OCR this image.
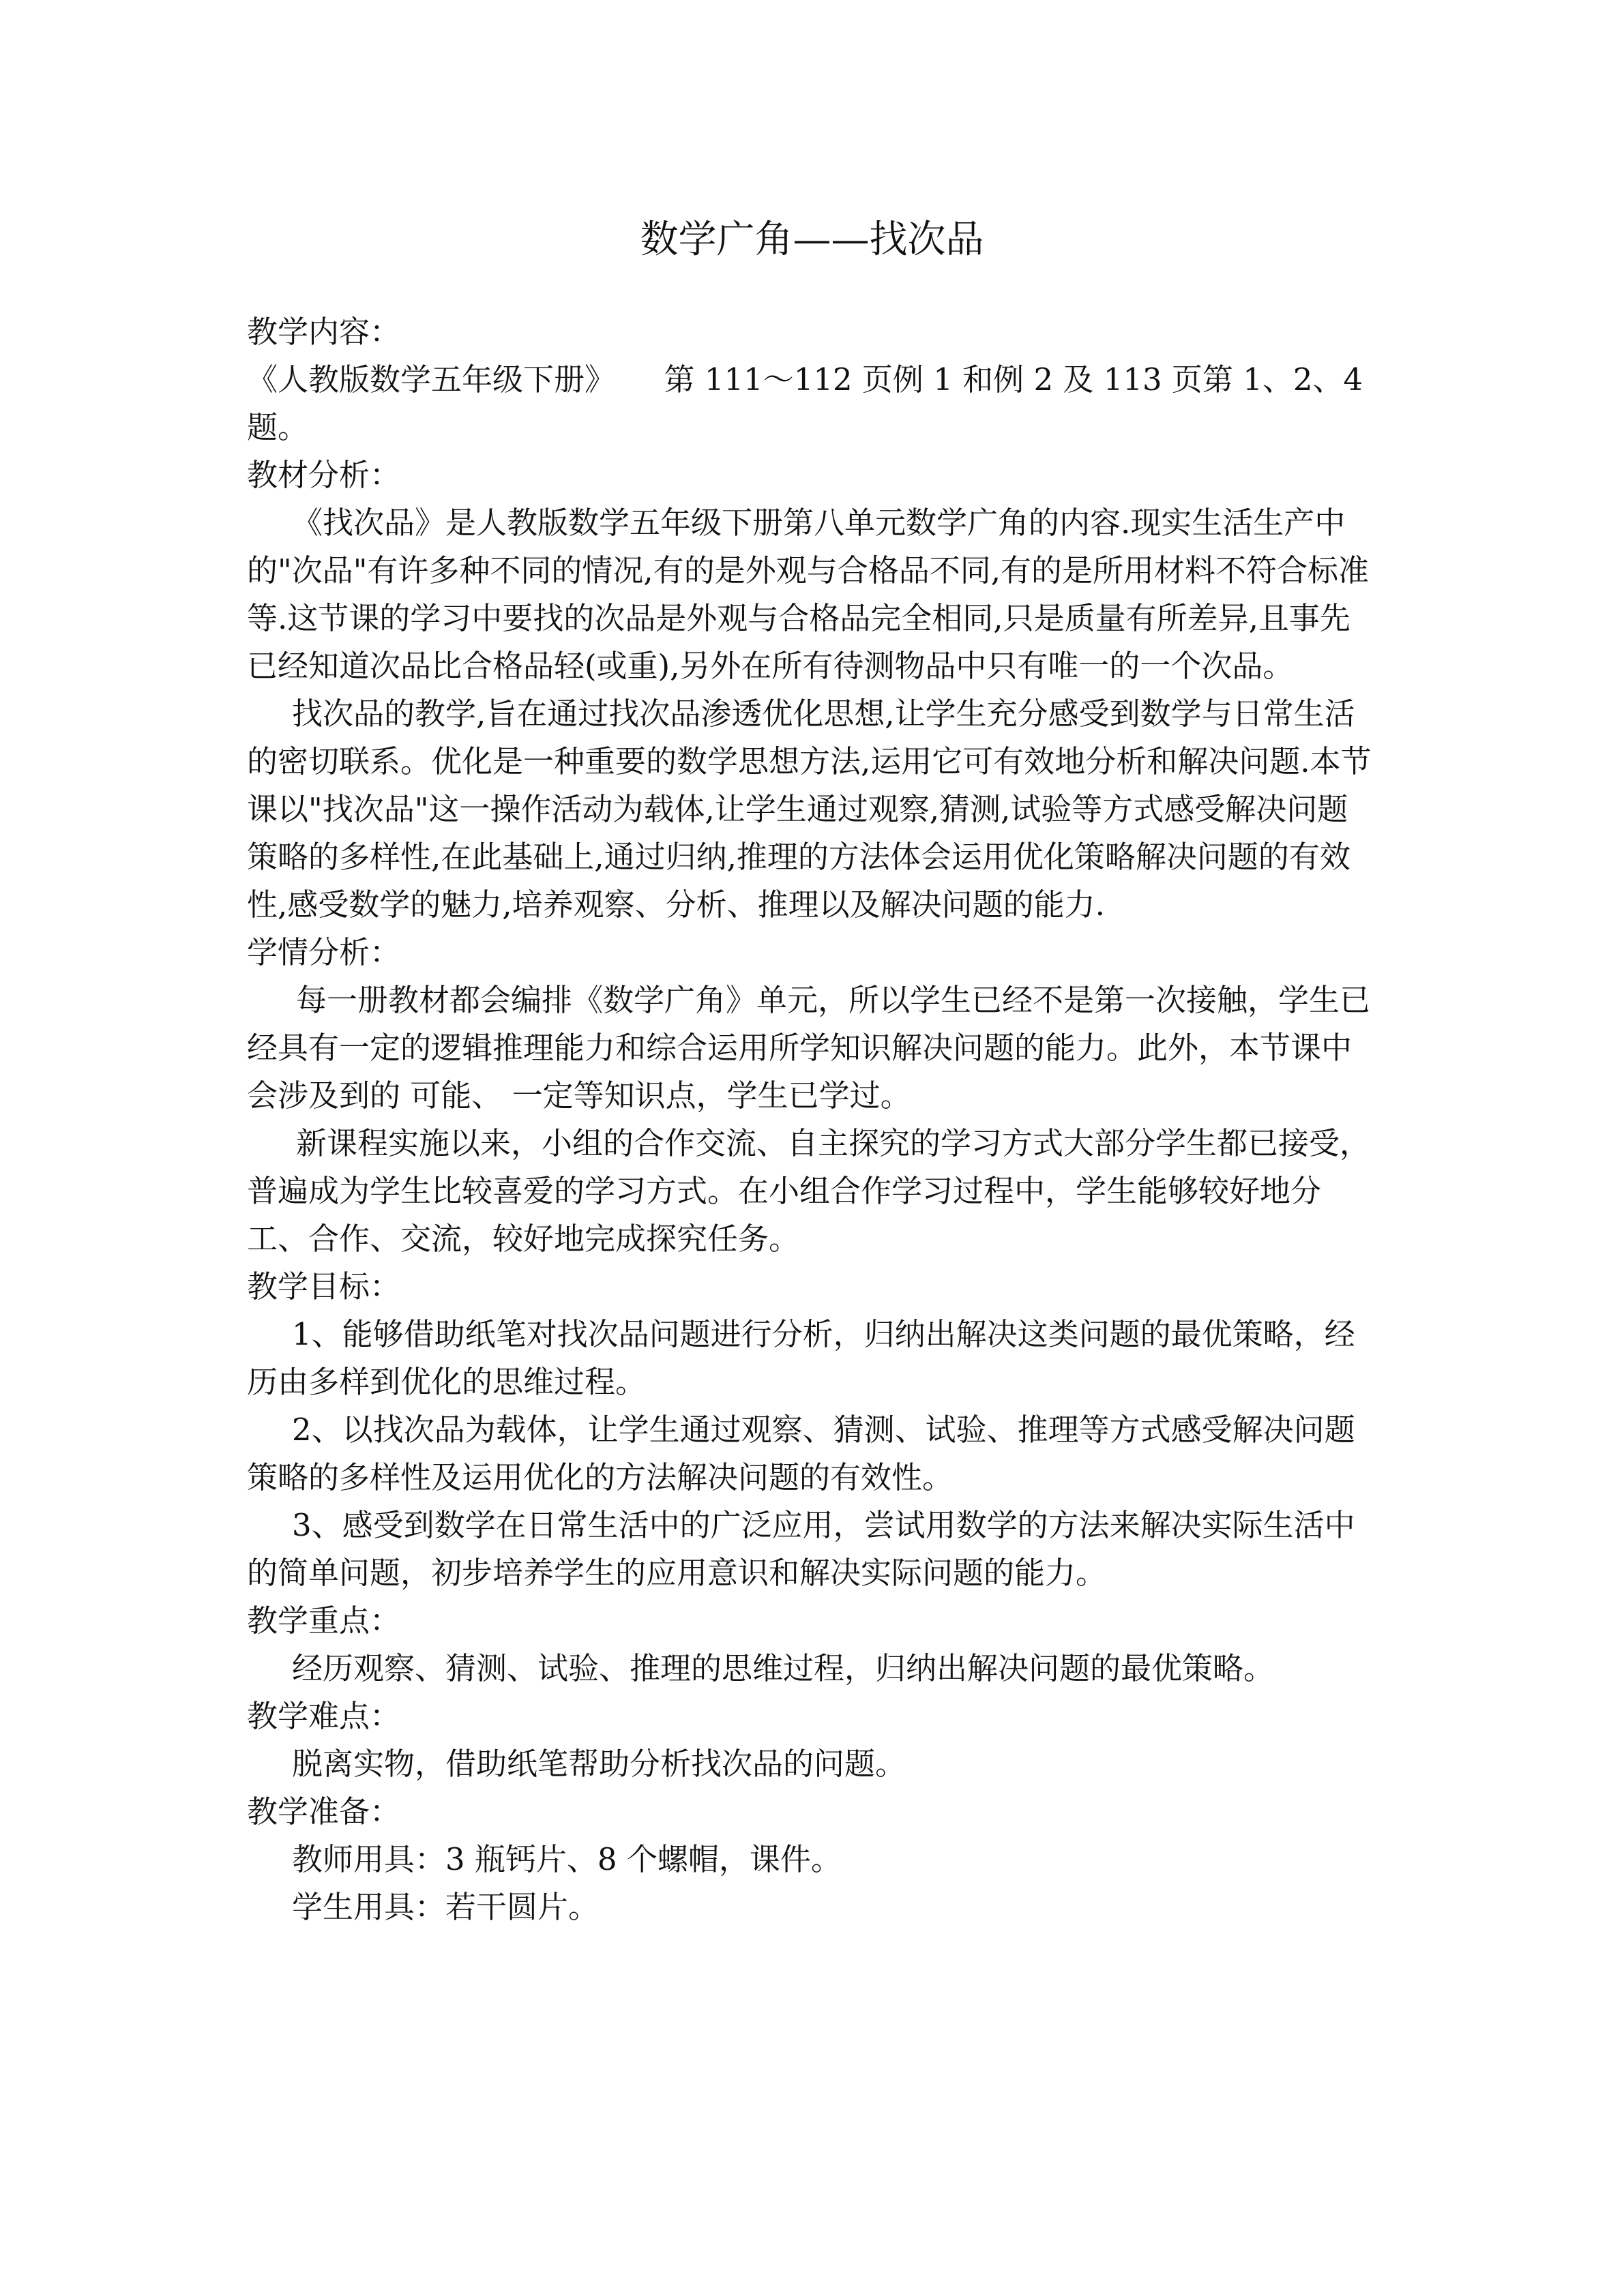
数学广角——找次品

教学内容：

《人教版数学五年级下册》     第 111～112 页例 1 和例 2 及 113 页第 1、2、4

题。

教材分析：

《找次品》是人教版数学五年级下册第八单元数学广角的内容.现实生活生产中的"次品"有许多种不同的情况,有的是外观与合格品不同,有的是所用材料不符合标准等.这节课的学习中要找的次品是外观与合格品完全相同,只是质量有所差异,且事先已经知道次品比合格品轻(或重),另外在所有待测物品中只有唯一的一个次品。

找次品的教学,旨在通过找次品渗透优化思想,让学生充分感受到数学与日常生活的密切联系。优化是一种重要的数学思想方法,运用它可有效地分析和解决问题.本节课以"找次品"这一操作活动为载体,让学生通过观察,猜测,试验等方式感受解决问题策略的多样性,在此基础上,通过归纳,推理的方法体会运用优化策略解决问题的有效性,感受数学的魅力,培养观察、分析、推理以及解决问题的能力.

学情分析：

每一册教材都会编排《数学广角》单元，所以学生已经不是第一次接触，学生已经具有一定的逻辑推理能力和综合运用所学知识解决问题的能力。此外，本节课中会涉及到的 可能、 一定等知识点，学生已学过。

新课程实施以来，小组的合作交流、自主探究的学习方式大部分学生都已接受，普遍成为学生比较喜爱的学习方式。在小组合作学习过程中，学生能够较好地分工、合作、交流，较好地完成探究任务。

教学目标：

1、能够借助纸笔对找次品问题进行分析，归纳出解决这类问题的最优策略，经历由多样到优化的思维过程。

2、以找次品为载体，让学生通过观察、猜测、试验、推理等方式感受解决问题策略的多样性及运用优化的方法解决问题的有效性。

3、感受到数学在日常生活中的广泛应用，尝试用数学的方法来解决实际生活中的简单问题，初步培养学生的应用意识和解决实际问题的能力。

教学重点：

经历观察、猜测、试验、推理的思维过程，归纳出解决问题的最优策略。

教学难点：

脱离实物，借助纸笔帮助分析找次品的问题。

教学准备：

教师用具：3 瓶钙片、8 个螺帽，课件。

学生用具：若干圆片。
